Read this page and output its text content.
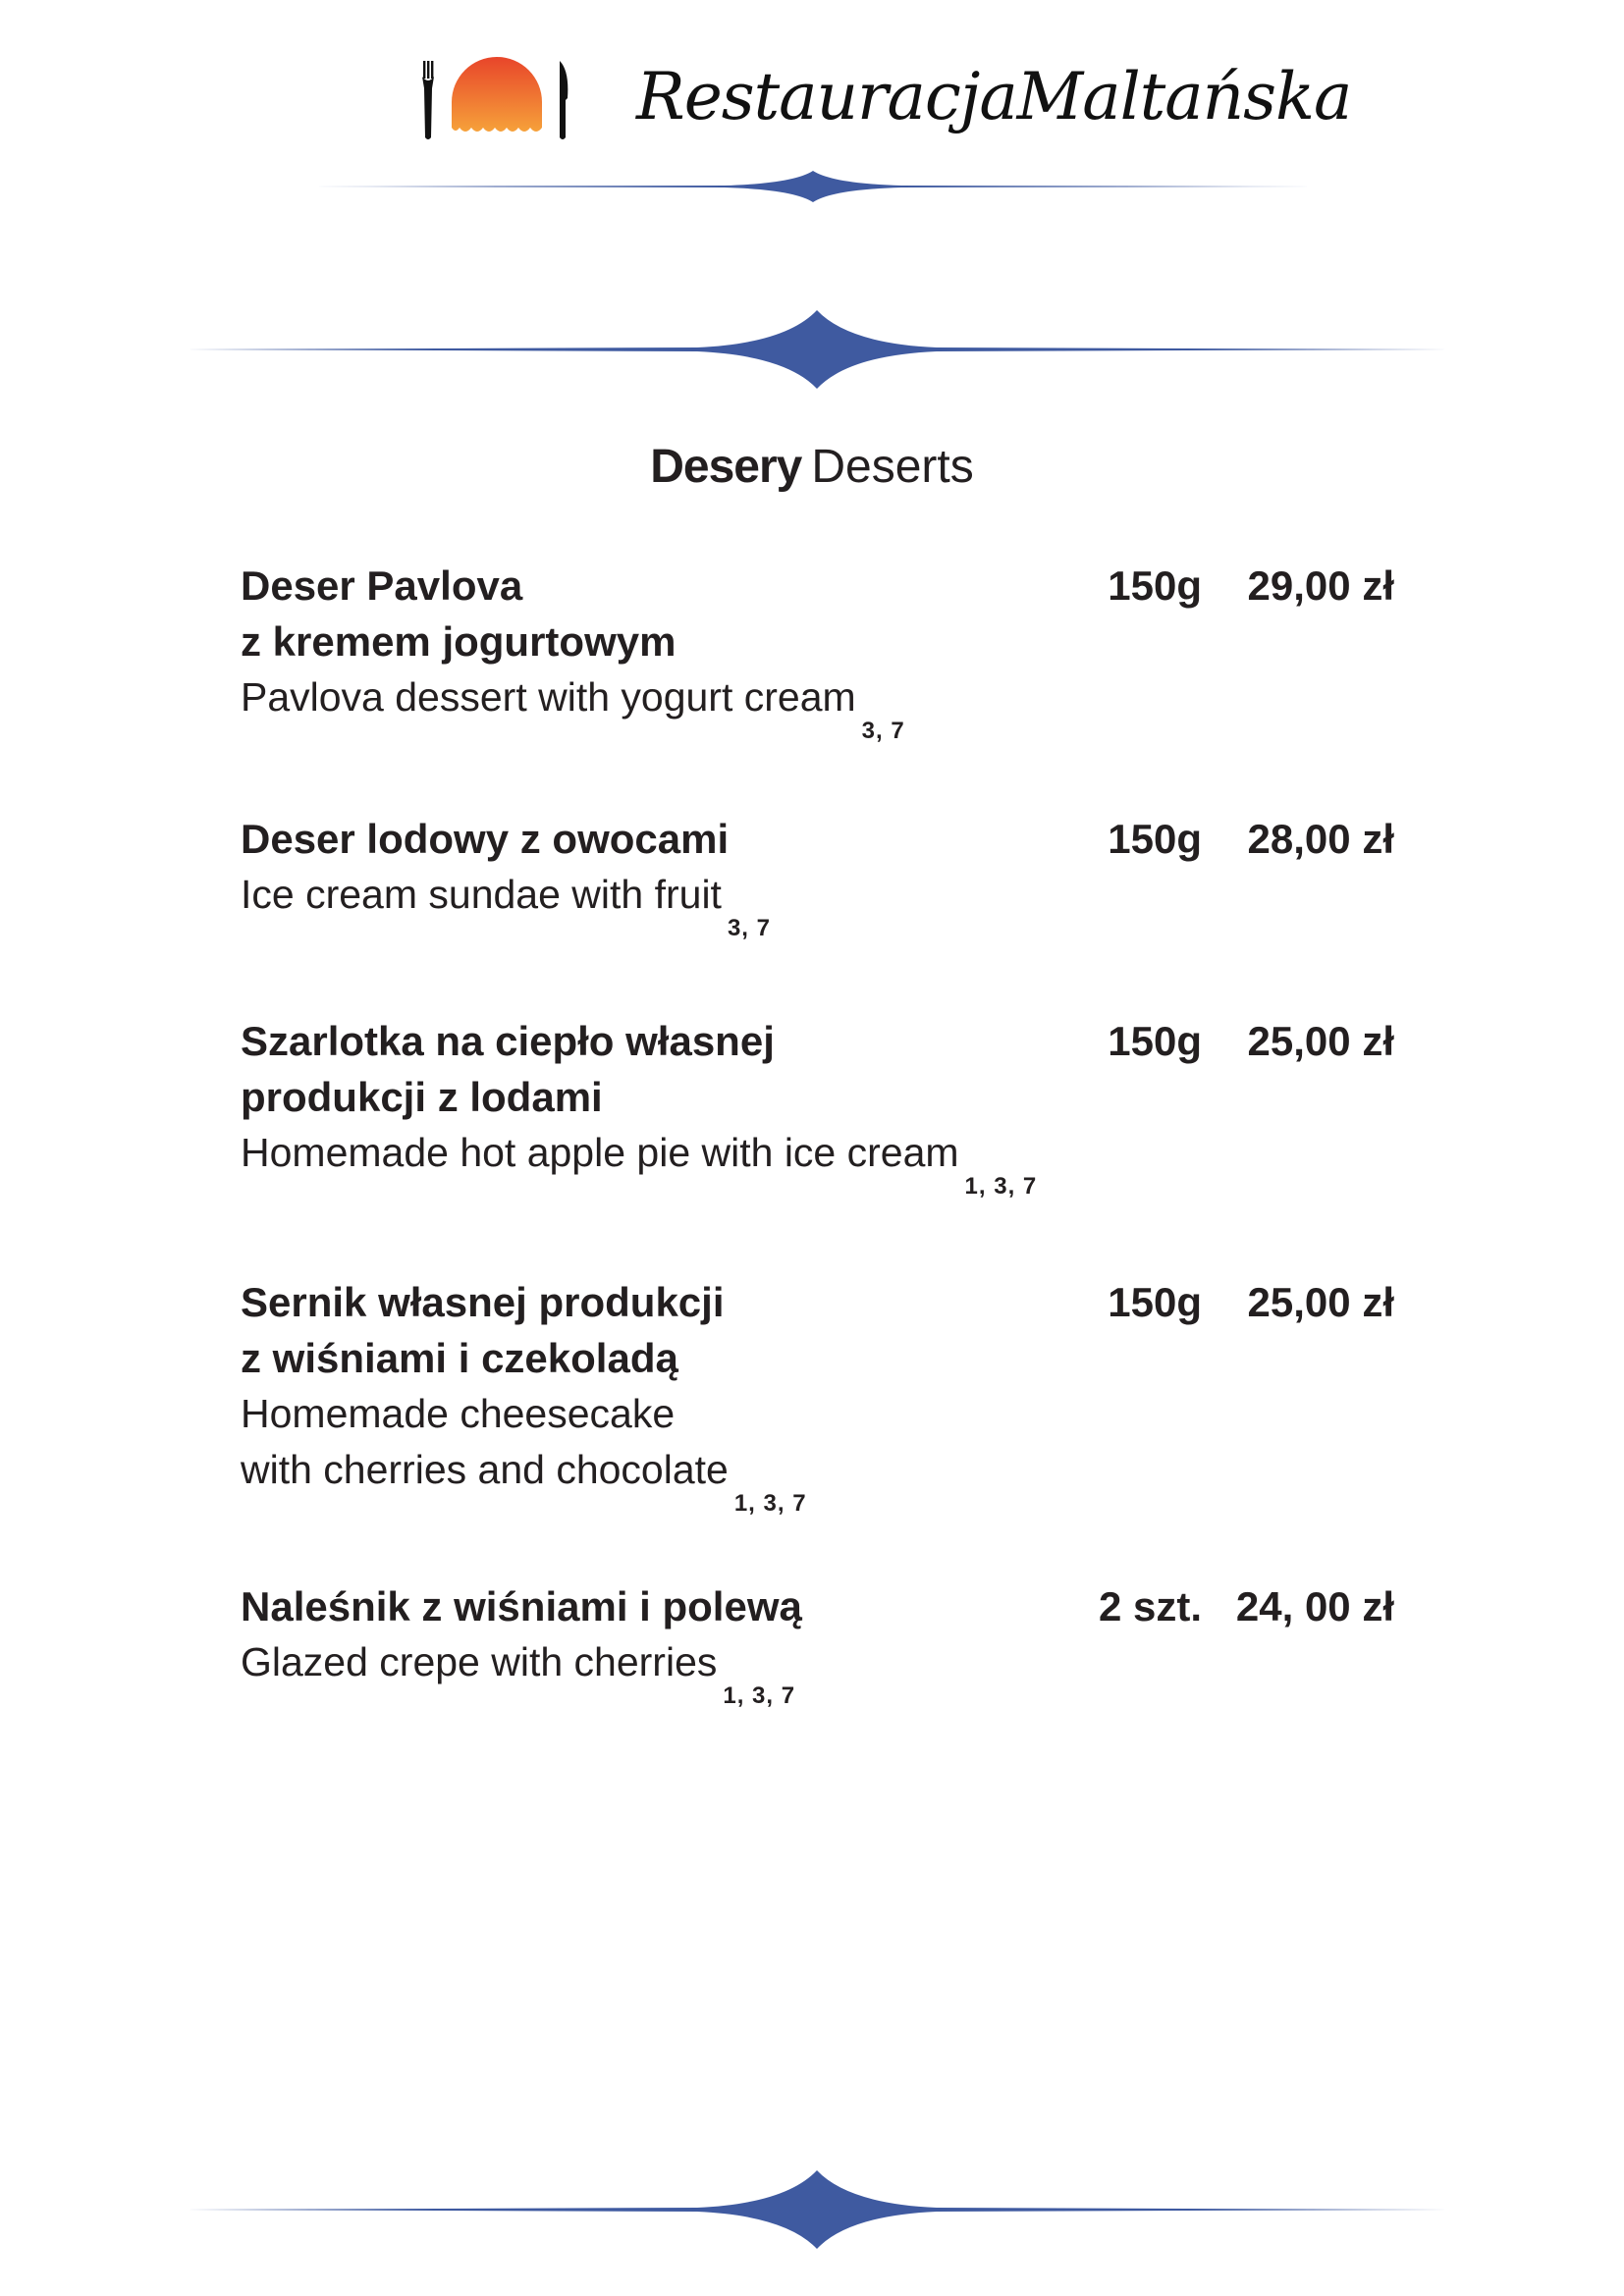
RestauracjaMaltańska
Desery Deserts
Deser Pavlova
z kremem jogurtowym
Pavlova dessert with yogurt cream$_{3, 7}$
150g 29,00 zł
Deser lodowy z owocami
Ice cream sundae with fruit$_{3, 7}$
150g 28,00 zł
Szarlotka na ciepło własnej
produkcji z lodami
Homemade hot apple pie with ice cream$_{1, 3, 7}$
150g 25,00 zł
Sernik własnej produkcji
z wiśniami i czekoladą
Homemade cheesecake
with cherries and chocolate$_{1, 3, 7}$
150g 25,00 zł
Naleśnik z wiśniami i polewą
Glazed crepe with cherries$_{1, 3, 7}$
2 szt. 24, 00 zł
